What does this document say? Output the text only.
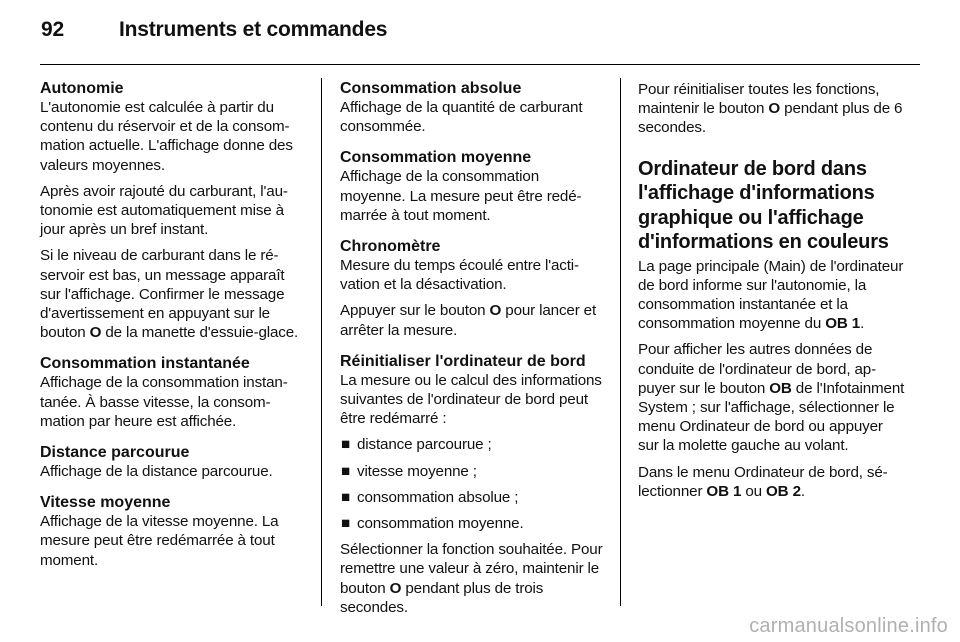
92	Instruments et commandes
Autonomie

L'autonomie est calculée à partir du contenu du réservoir et de la consommation actuelle. L'affichage donne des valeurs moyennes.

Après avoir rajouté du carburant, l'autonomie est automatiquement mise à jour après un bref instant.

Si le niveau de carburant dans le réservoir est bas, un message apparaît sur l'affichage. Confirmer le message d'avertissement en appuyant sur le bouton O de la manette d'essuie-glace.

Consommation instantanée

Affichage de la consommation instantanée. À basse vitesse, la consommation par heure est affichée.

Distance parcourue

Affichage de la distance parcourue.

Vitesse moyenne

Affichage de la vitesse moyenne. La mesure peut être redémarrée à tout moment.

Consommation absolue

Affichage de la quantité de carburant consommée.

Consommation moyenne

Affichage de la consommation moyenne. La mesure peut être redémarrée à tout moment.

Chronomètre

Mesure du temps écoulé entre l'activation et la désactivation.

Appuyer sur le bouton O pour lancer et arrêter la mesure.

Réinitialiser l'ordinateur de bord

La mesure ou le calcul des informations suivantes de l'ordinateur de bord peut être redémarré :

■ distance parcourue ;
■ vitesse moyenne ;
■ consommation absolue ;
■ consommation moyenne.

Sélectionner la fonction souhaitée. Pour remettre une valeur à zéro, maintenir le bouton O pendant plus de trois secondes.

Pour réinitialiser toutes les fonctions, maintenir le bouton O pendant plus de 6 secondes.

Ordinateur de bord dans l'affichage d'informations graphique ou l'affichage d'informations en couleurs

La page principale (Main) de l'ordinateur de bord informe sur l'autonomie, la consommation instantanée et la consommation moyenne du OB 1.

Pour afficher les autres données de conduite de l'ordinateur de bord, appuyer sur le bouton OB de l'Infotainment System ; sur l'affichage, sélectionner le menu Ordinateur de bord ou appuyer sur la molette gauche au volant.

Dans le menu Ordinateur de bord, sélectionner OB 1 ou OB 2.

carmanualsonline.info
